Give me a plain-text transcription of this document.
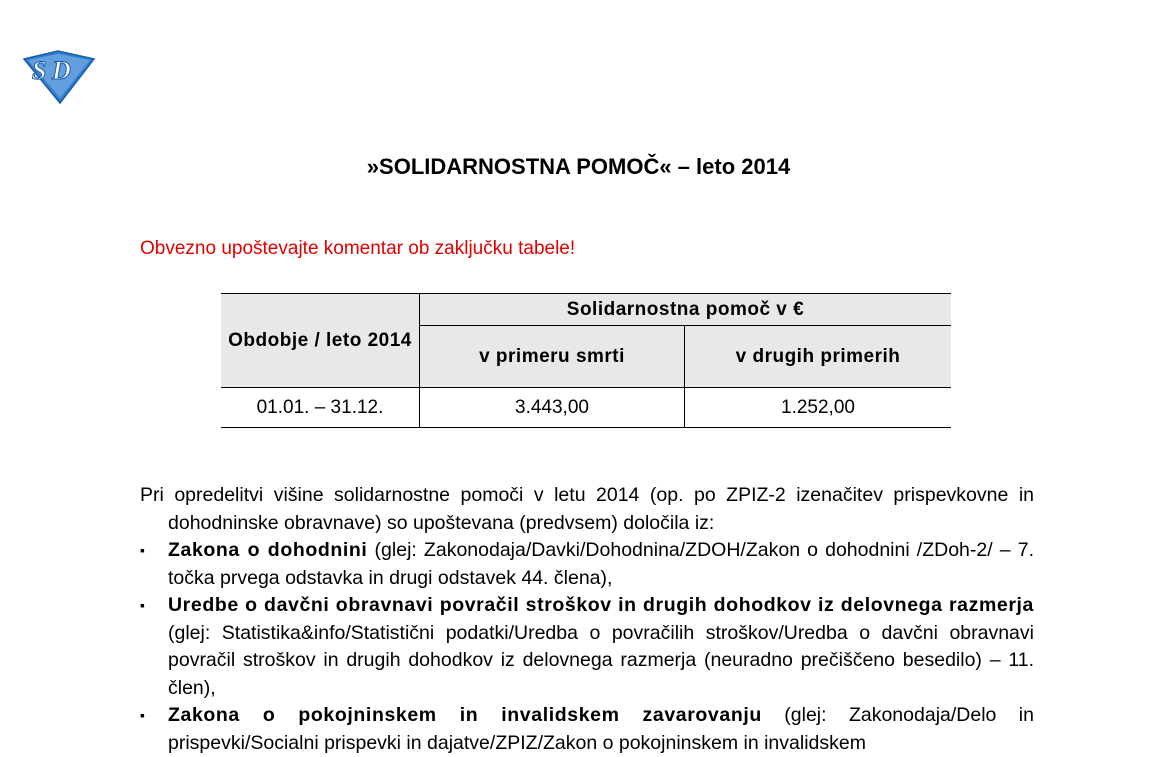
S D
»SOLIDARNOSTNA POMOČ« – leto 2014
Obvezno upoštevajte komentar ob zaključku tabele!
Obdobje / leto 2014	Solidarnostna pomoč v €	
	v primeru smrti	v drugih primerih
01.01. – 31.12.	3.443,00	1.252,00

Pri opredelitvi višine solidarnostne pomoči v letu 2014 (op. po ZPIZ-2 izenačitev prispevkovne in dohodninske obravnave) so upoštevana (predvsem) določila iz:

▪ Zakona o dohodnini (glej: Zakonodaja/Davki/Dohodnina/ZDOH/Zakon o dohodnini /ZDoh-2/ – 7. točka prvega odstavka in drugi odstavek 44. člena),
▪ Uredbe o davčni obravnavi povračil stroškov in drugih dohodkov iz delovnega razmerja (glej: Statistika&info/Statistični podatki/Uredba o povračilih stroškov/Uredba o davčni obravnavi povračil stroškov in drugih dohodkov iz delovnega razmerja (neuradno prečiščeno besedilo) – 11. člen),
▪ Zakona o pokojninskem in invalidskem zavarovanju (glej: Zakonodaja/Delo in prispevki/Socialni prispevki in dajatve/ZPIZ/Zakon o pokojninskem in invalidskem
